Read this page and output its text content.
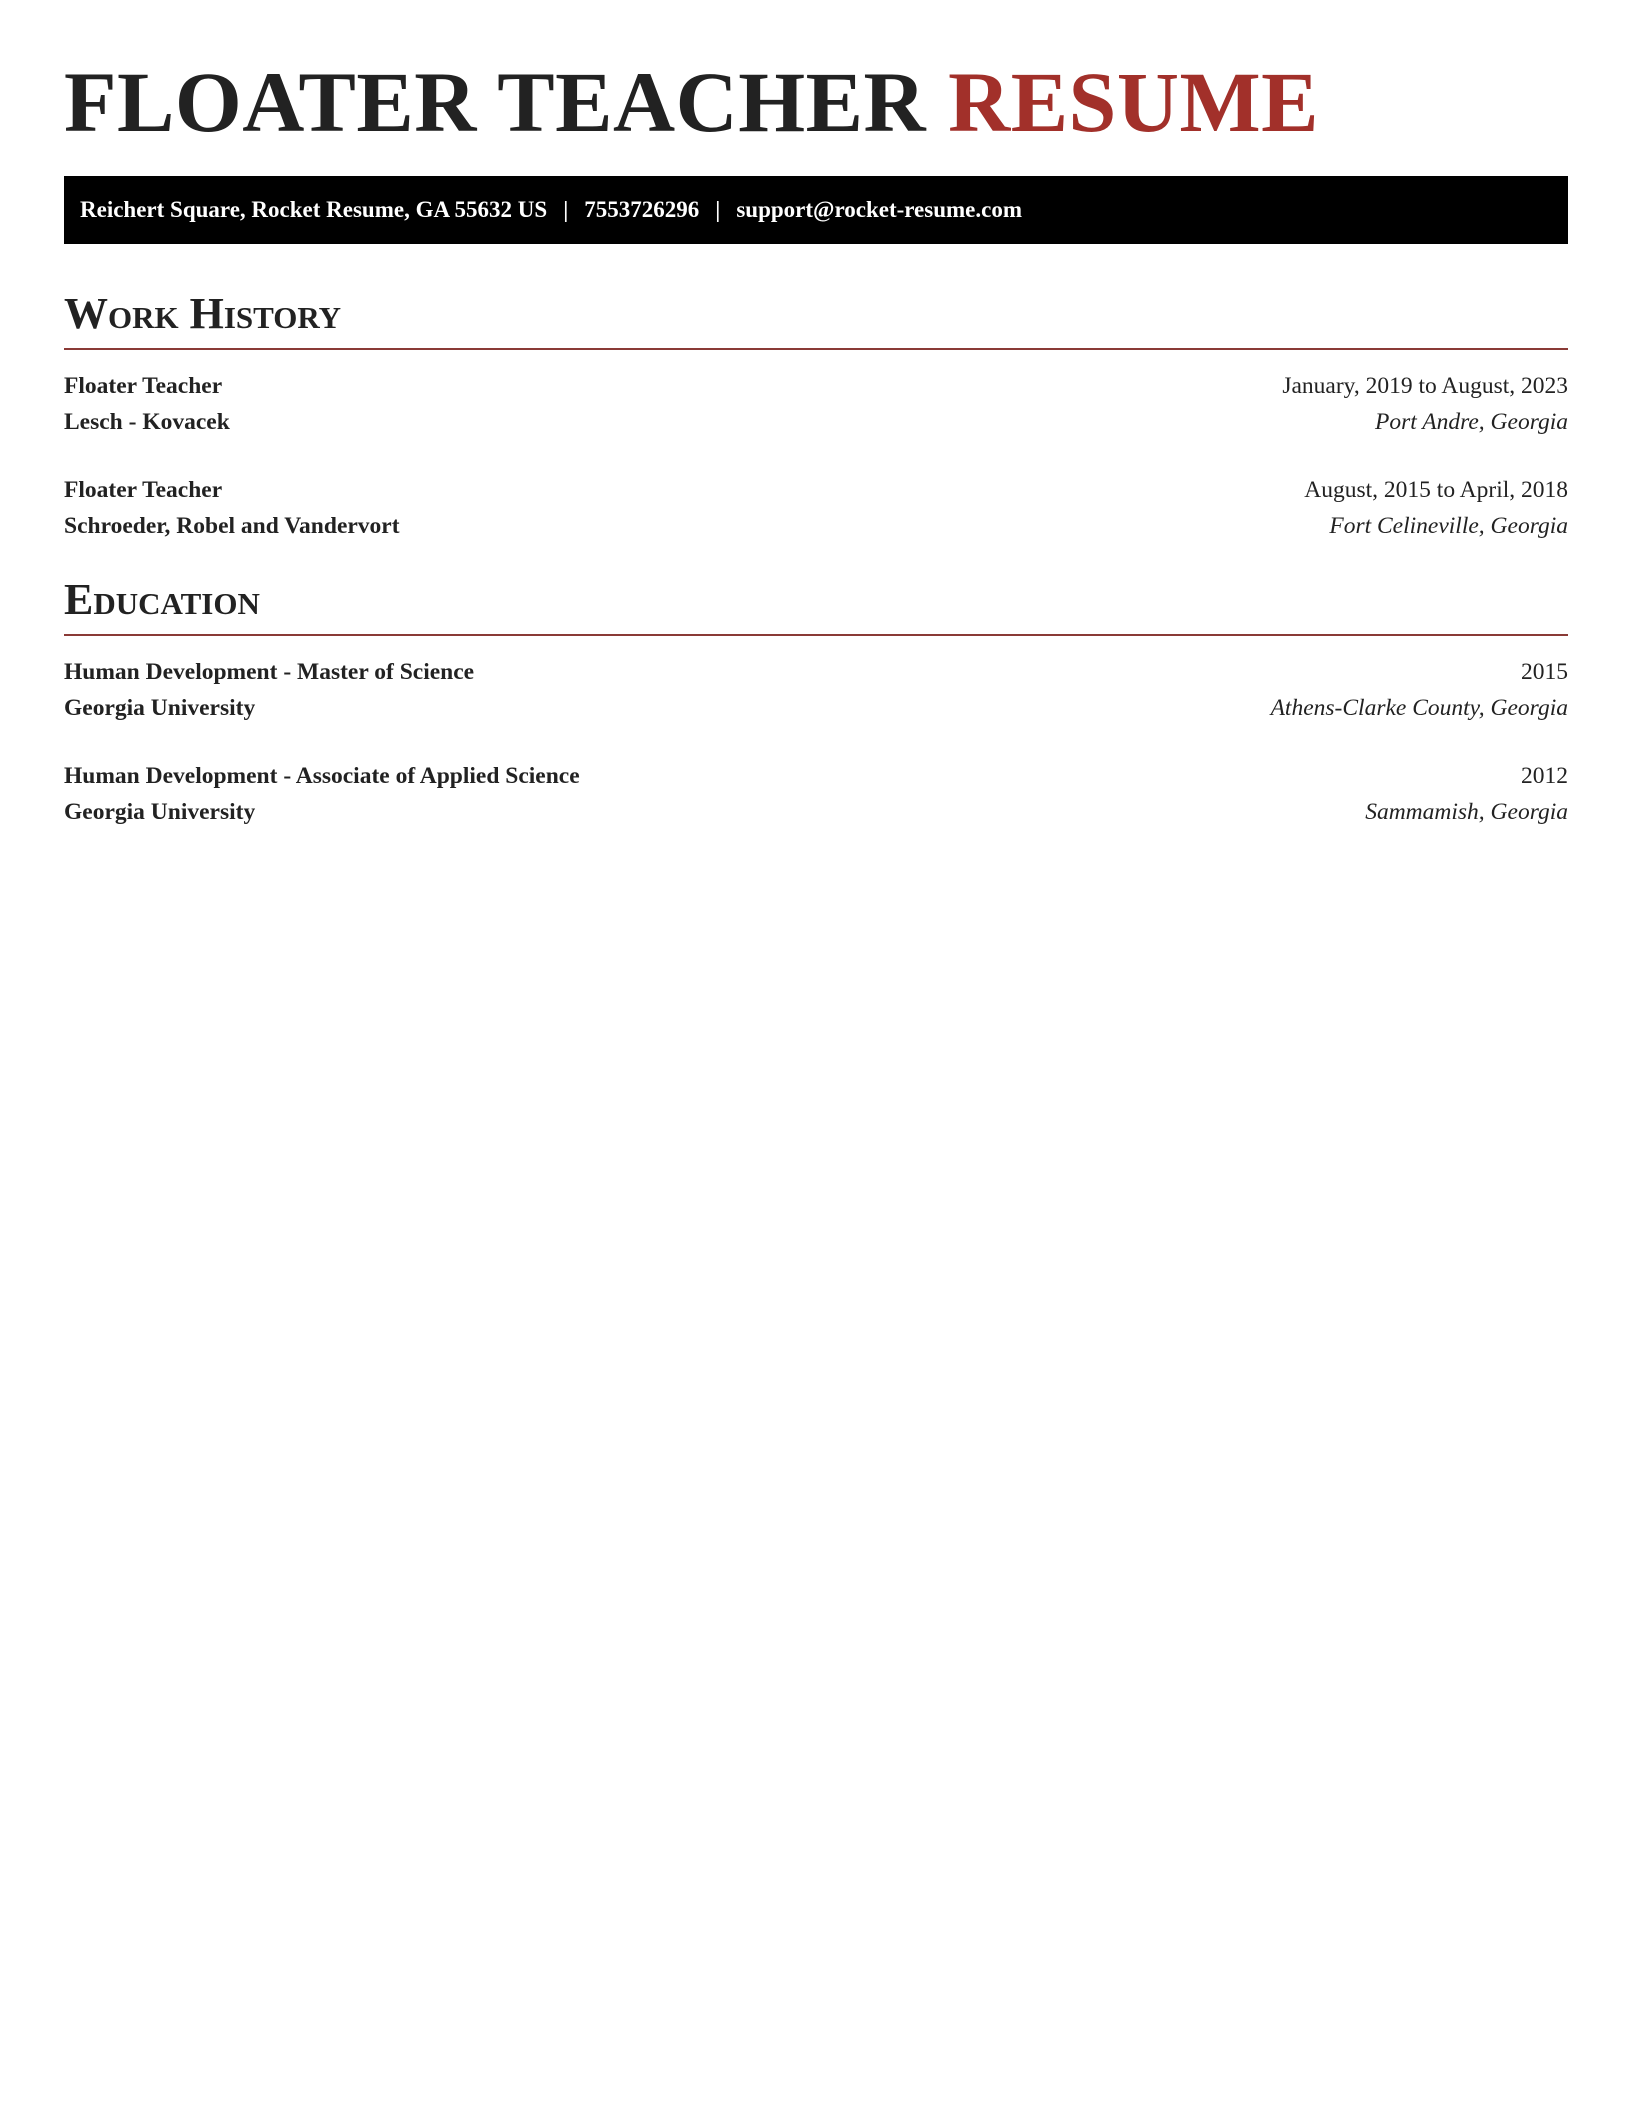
FLOATER TEACHER RESUME
Reichert Square, Rocket Resume, GA 55632 US | 7553726296 | support@rocket-resume.com
Work History
Floater Teacher	January, 2019 to August, 2023
Lesch - Kovacek	Port Andre, Georgia
Floater Teacher	August, 2015 to April, 2018
Schroeder, Robel and Vandervort	Fort Celineville, Georgia
Education
Human Development - Master of Science	2015
Georgia University	Athens-Clarke County, Georgia
Human Development - Associate of Applied Science	2012
Georgia University	Sammamish, Georgia
